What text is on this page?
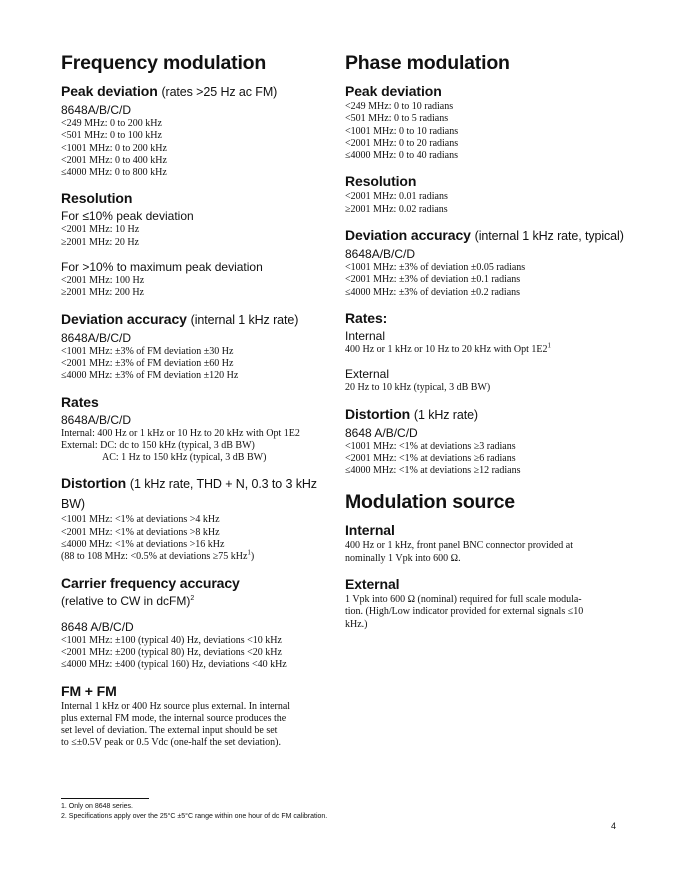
Frequency modulation
Peak deviation (rates >25 Hz ac FM)

8648A/B/C/D

<249 MHz: 0 to 200 kHz

<501 MHz: 0 to 100 kHz

<1001 MHz: 0 to 200 kHz

<2001 MHz: 0 to 400 kHz

≤4000 MHz: 0 to 800 kHz

Resolution

For ≤10% peak deviation

<2001 MHz: 10 Hz

≥2001 MHz: 20 Hz

For >10% to maximum peak deviation

<2001 MHz: 100 Hz

≥2001 MHz: 200 Hz

Deviation accuracy (internal 1 kHz rate)

8648A/B/C/D

<1001 MHz: ±3% of FM deviation ±30 Hz

<2001 MHz: ±3% of FM deviation ±60 Hz

≤4000 MHz: ±3% of FM deviation ±120 Hz

Rates

8648A/B/C/D

Internal: 400 Hz or 1 kHz or 10 Hz to 20 kHz with Opt 1E2

External: DC: dc to 150 kHz (typical, 3 dB BW)

AC: 1 Hz to 150 kHz (typical, 3 dB BW)

Distortion (1 kHz rate, THD + N, 0.3 to 3 kHz BW)

<1001 MHz: <1% at deviations >4 kHz

<2001 MHz: <1% at deviations >8 kHz

≤4000 MHz: <1% at deviations >16 kHz

(88 to 108 MHz: <0.5% at deviations ≥75 kHz$^1$)

Carrier frequency accuracy

(relative to CW in dcFM)$^2$

8648 A/B/C/D

<1001 MHz: ±100 (typical 40) Hz, deviations <10 kHz

<2001 MHz: ±200 (typical 80) Hz, deviations <20 kHz

≤4000 MHz: ±400 (typical 160) Hz, deviations <40 kHz

FM + FM

Internal 1 kHz or 400 Hz source plus external. In internal

plus external FM mode, the internal source produces the

set level of deviation. The external input should be set

to ≤±0.5V peak or 0.5 Vdc (one-half the set deviation).

Phase modulation
Peak deviation

<249 MHz: 0 to 10 radians

<501 MHz: 0 to 5 radians

<1001 MHz: 0 to 10 radians

<2001 MHz: 0 to 20 radians

≤4000 MHz: 0 to 40 radians

Resolution

<2001 MHz: 0.01 radians

≥2001 MHz: 0.02 radians

Deviation accuracy (internal 1 kHz rate, typical)

8648A/B/C/D

<1001 MHz: ±3% of deviation ±0.05 radians

<2001 MHz: ±3% of deviation ±0.1 radians

≤4000 MHz: ±3% of deviation ±0.2 radians

Rates:

Internal

400 Hz or 1 kHz or 10 Hz to 20 kHz with Opt $1E2^1$

External

20 Hz to 10 kHz (typical, 3 dB BW)

Distortion (1 kHz rate)

8648 A/B/C/D

<1001 MHz: <1% at deviations ≥3 radians

<2001 MHz: <1% at deviations ≥6 radians

≤4000 MHz: <1% at deviations ≥12 radians

Modulation source
Internal

400 Hz or 1 kHz, front panel BNC connector provided at

nominally 1 Vpk into 600 Ω.

External

1 Vpk into 600 Ω (nominal) required for full scale modula-

tion. (High/Low indicator provided for external signals ≤10

kHz.)

1. Only on 8648 series.
2. Specifications apply over the 25°C ±5°C range within one hour of dc FM calibration.
4
